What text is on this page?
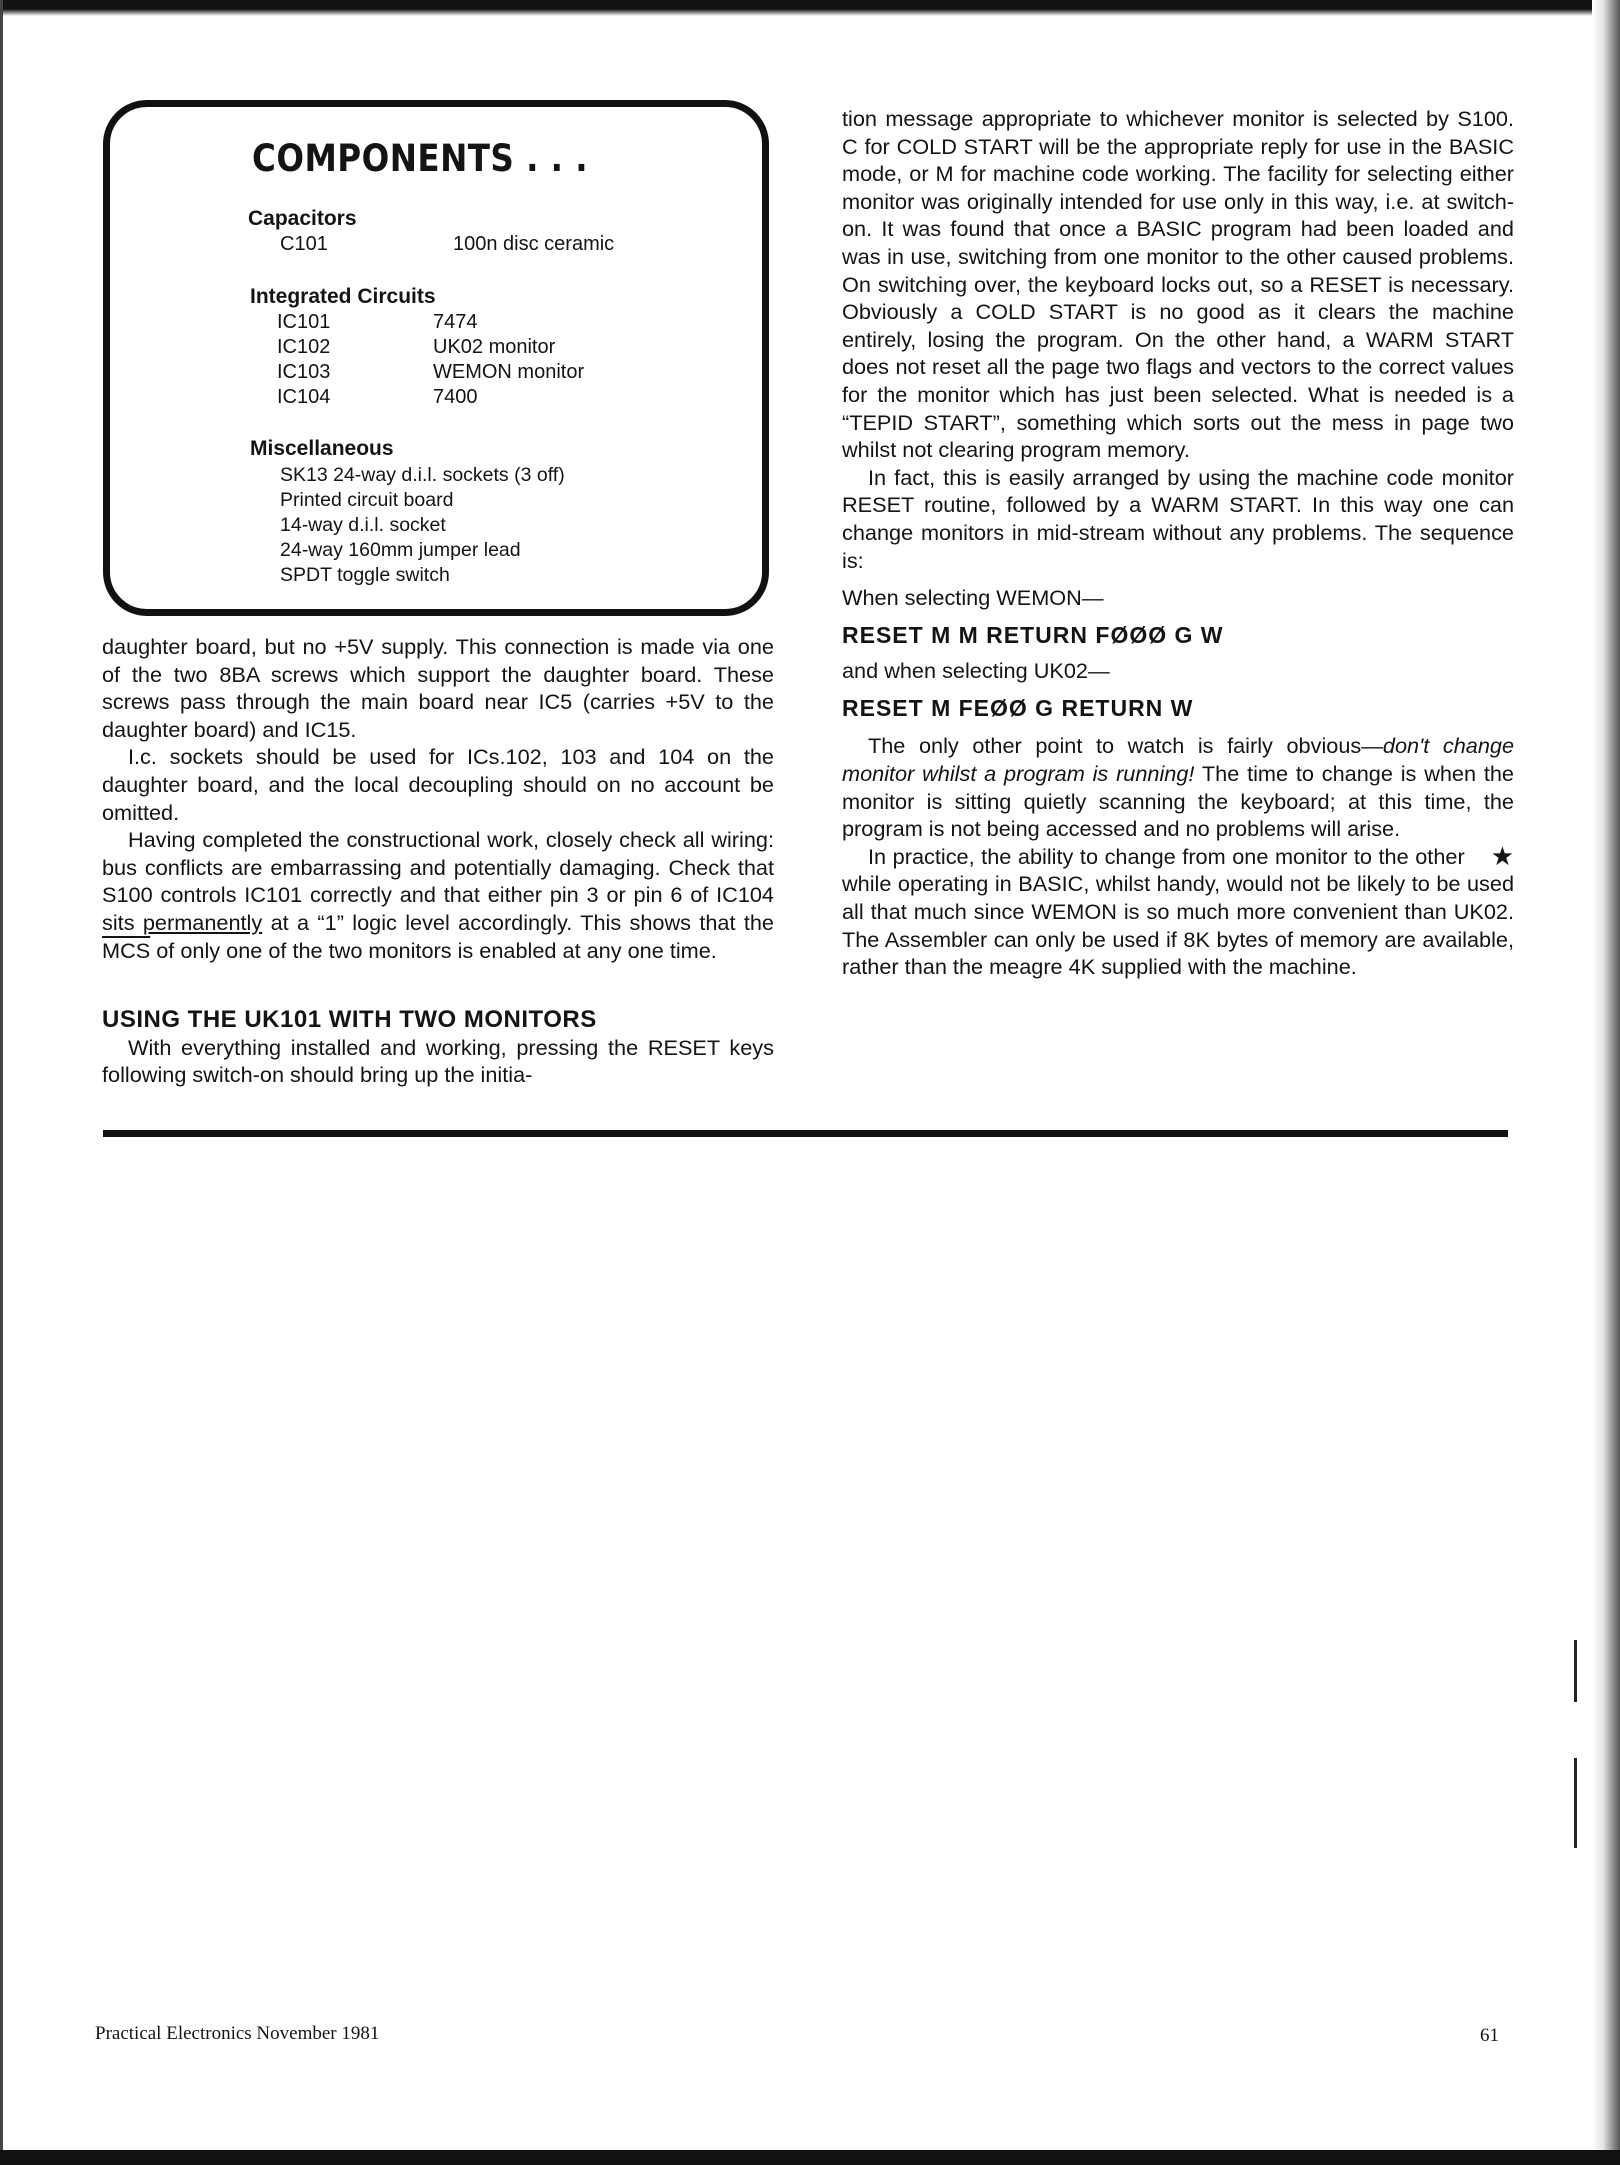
COMPONENTS . . .
Capacitors
C101	100n disc ceramic
Integrated Circuits
IC101	7474
IC102	UK02 monitor
IC103	WEMON monitor
IC104	7400
Miscellaneous
SK13 24-way d.i.l. sockets (3 off)
Printed circuit board
14-way d.i.l. socket
24-way 160mm jumper lead
SPDT toggle switch

daughter board, but no +5V supply. This connection is made via one of the two 8BA screws which support the daughter board. These screws pass through the main board near IC5 (carries +5V to the daughter board) and IC15.

I.c. sockets should be used for ICs.102, 103 and 104 on the daughter board, and the local decoupling should on no account be omitted.

Having completed the constructional work, closely check all wiring: bus conflicts are embarrassing and potentially damaging. Check that S100 controls IC101 correctly and that either pin 3 or pin 6 of IC104 sits permanently at a “1” logic level accordingly. This shows that the $\overline{MCS}$ of only one of the two monitors is enabled at any one time.

USING THE UK101 WITH TWO MONITORS

With everything installed and working, pressing the RESET keys following switch-on should bring up the initia-

tion message appropriate to whichever monitor is selected by S100. C for COLD START will be the appropriate reply for use in the BASIC mode, or M for machine code working. The facility for selecting either monitor was originally intended for use only in this way, i.e. at switch-on. It was found that once a BASIC program had been loaded and was in use, switching from one monitor to the other caused problems. On switching over, the keyboard locks out, so a RESET is necessary. Obviously a COLD START is no good as it clears the machine entirely, losing the program. On the other hand, a WARM START does not reset all the page two flags and vectors to the correct values for the monitor which has just been selected. What is needed is a “TEPID START”, something which sorts out the mess in page two whilst not clearing program memory.

In fact, this is easily arranged by using the machine code monitor RESET routine, followed by a WARM START. In this way one can change monitors in mid-stream without any problems. The sequence is:

When selecting WEMON—

RESET M M RETURN FØØØ G W

and when selecting UK02—

RESET M FEØØ G RETURN W

The only other point to watch is fairly obvious—don't change monitor whilst a program is running! The time to change is when the monitor is sitting quietly scanning the keyboard; at this time, the program is not being accessed and no problems will arise.

★
In practice, the ability to change from one monitor to the other while operating in BASIC, whilst handy, would not be likely to be used all that much since WEMON is so much more convenient than UK02. The Assembler can only be used if 8K bytes of memory are available, rather than the meagre 4K supplied with the machine.

Practical Electronics November 1981	61
